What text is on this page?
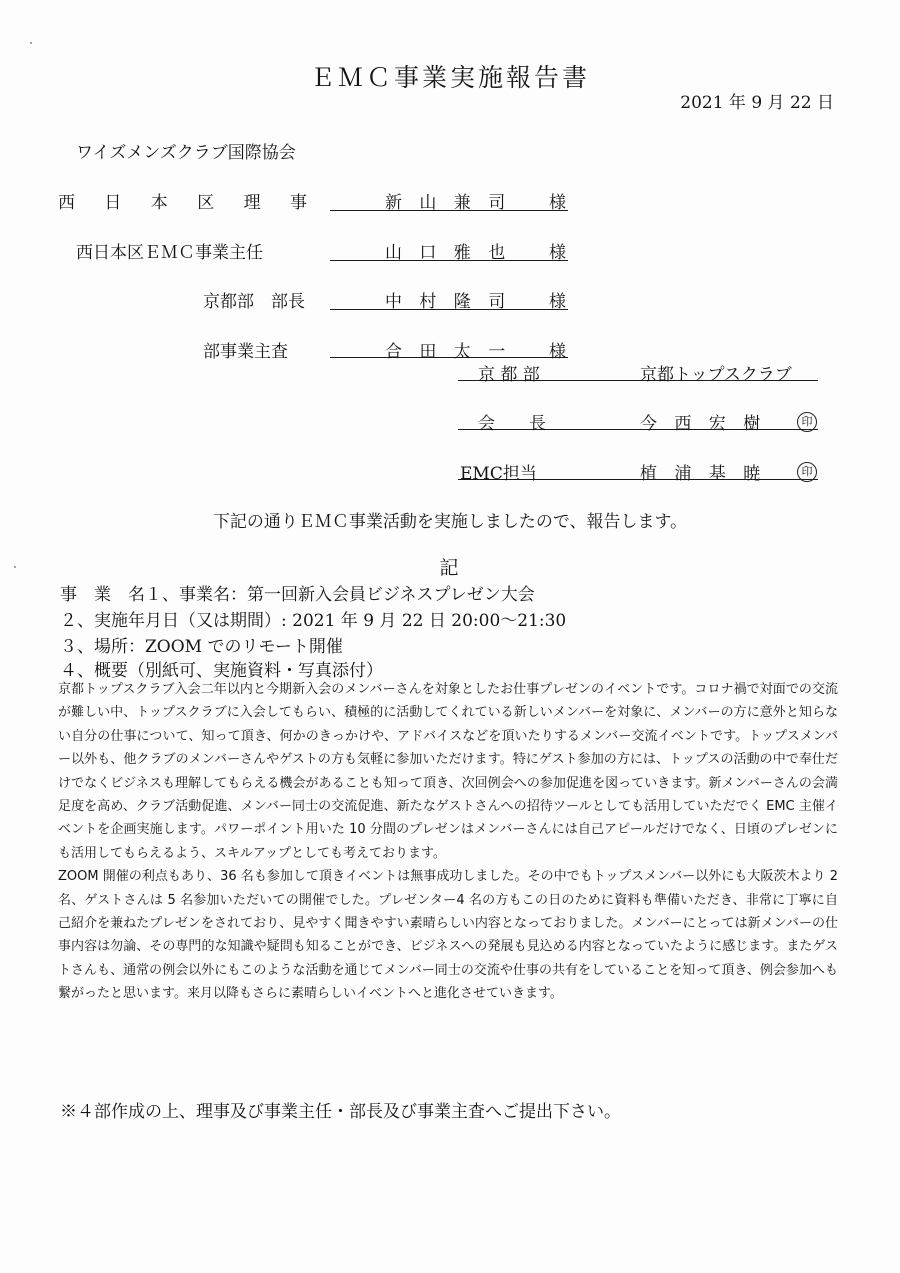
ＥＭＣ事業実施報告書
2021 年 9 月 22 日
ワイズメンズクラブ国際協会
西 日 本 区 理 事	新 山 兼 司 様
西日本区ＥＭＣ事業主任	山 口 雅 也 様
京都部　部長	中 村 隆 司 様
部事業主査	合 田 太 一 様
京 都 部	京都トップスクラブ
会　　長	今 西 宏 樹	印
EMC担当	植 浦 基 暁	印
下記の通りＥＭＣ事業活動を実施しましたので、報告します。
記
事　業　名１、事業名：第一回新入会員ビジネスプレゼン大会
２、実施年月日（又は期間）: 2021 年 9 月 22 日 20:00～21:30
３、場所：ZOOM でのリモート開催
４、概要（別紙可、実施資料・写真添付）

京都トップスクラブ入会二年以内と今期新入会のメンバーさんを対象としたお仕事プレゼンのイベントです。コロナ禍で対面での交流が難しい中、トップスクラブに入会してもらい、積極的に活動してくれている新しいメンバーを対象に、メンバーの方に意外と知らない自分の仕事について、知って頂き、何かのきっかけや、アドバイスなどを頂いたりするメンバー交流イベントです。トップスメンバー以外も、他クラブのメンバーさんやゲストの方も気軽に参加いただけます。特にゲスト参加の方には、トップスの活動の中で奉仕だけでなくビジネスも理解してもらえる機会があることも知って頂き、次回例会への参加促進を図っていきます。新メンバーさんの会満足度を高め、クラブ活動促進、メンバー同士の交流促進、新たなゲストさんへの招待ツールとしても活用していただでく EMC 主催イベントを企画実施します。パワーポイント用いた 10 分間のプレゼンはメンバーさんには自己アピールだけでなく、日頃のプレゼンにも活用してもらえるよう、スキルアップとしても考えております。

ZOOM 開催の利点もあり、36 名も参加して頂きイベントは無事成功しました。その中でもトップスメンバー以外にも大阪茨木より 2 名、ゲストさんは 5 名参加いただいての開催でした。プレゼンター4 名の方もこの日のために資料も準備いただき、非常に丁寧に自己紹介を兼ねたプレゼンをされており、見やすく聞きやすい素晴らしい内容となっておりました。メンバーにとっては新メンバーの仕事内容は勿論、その専門的な知識や疑問も知ることができ、ビジネスへの発展も見込める内容となっていたように感じます。またゲストさんも、通常の例会以外にもこのような活動を通じてメンバー同士の交流や仕事の共有をしていることを知って頂き、例会参加へも繋がったと思います。来月以降もさらに素晴らしいイベントへと進化させていきます。

※４部作成の上、理事及び事業主任・部長及び事業主査へご提出下さい。
